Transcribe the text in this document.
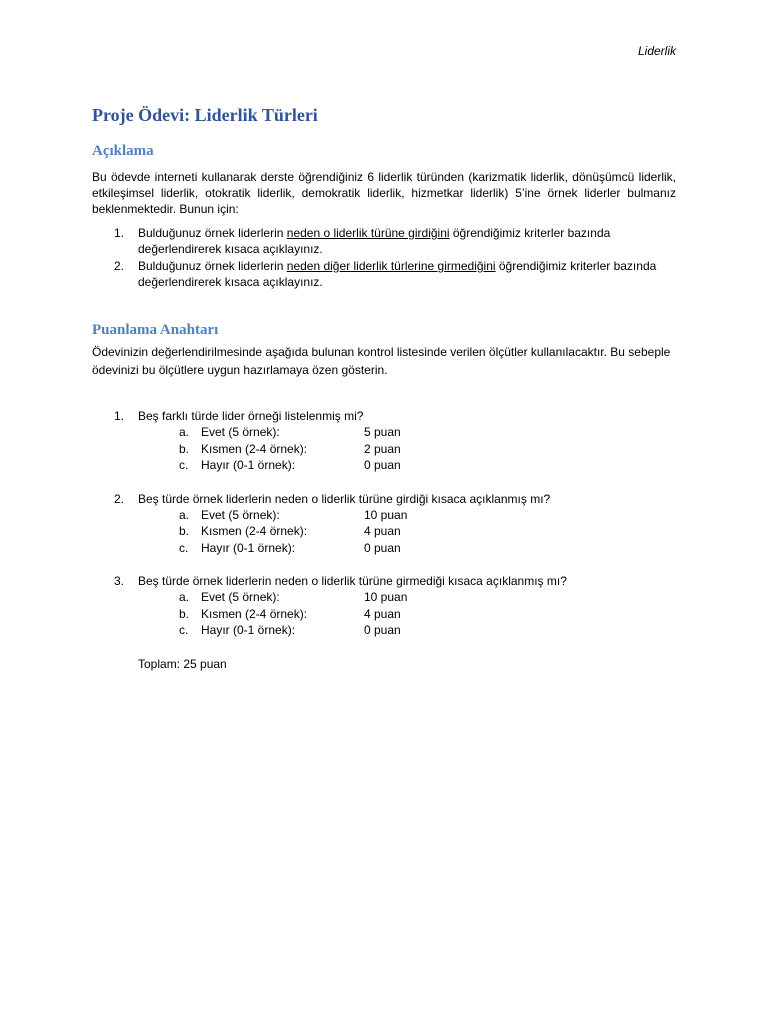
Liderlik
Proje Ödevi: Liderlik Türleri
Açıklama

Bu ödevde interneti kullanarak derste öğrendiğiniz 6 liderlik türünden (karizmatik liderlik, dönüşümcü liderlik, etkileşimsel liderlik, otokratik liderlik, demokratik liderlik, hizmetkar liderlik) 5’ine örnek liderler bulmanız beklenmektedir. Bunun için:

1. Bulduğunuz örnek liderlerin neden o liderlik türüne girdiğini öğrendiğimiz kriterler bazında değerlendirerek kısaca açıklayınız.
2. Bulduğunuz örnek liderlerin neden diğer liderlik türlerine girmediğini öğrendiğimiz kriterler bazında değerlendirerek kısaca açıklayınız.
Puanlama Anahtarı

Ödevinizin değerlendirilmesinde aşağıda bulunan kontrol listesinde verilen ölçütler kullanılacaktır. Bu sebeple ödevinizi bu ölçütlere uygun hazırlamaya özen gösterin.

1. Beş farklı türde lider örneği listelenmiş mi?
a. Evet (5 örnek):	5 puan
b. Kısmen (2-4 örnek):	2 puan
c. Hayır (0-1 örnek):	0 puan
2. Beş türde örnek liderlerin neden o liderlik türüne girdiği kısaca açıklanmış mı?
a. Evet (5 örnek):	10 puan
b. Kısmen (2-4 örnek):	4 puan
c. Hayır (0-1 örnek):	0 puan
3. Beş türde örnek liderlerin neden o liderlik türüne girmediği kısaca açıklanmış mı?
a. Evet (5 örnek):	10 puan
b. Kısmen (2-4 örnek):	4 puan
c. Hayır (0-1 örnek):	0 puan

Toplam: 25 puan
